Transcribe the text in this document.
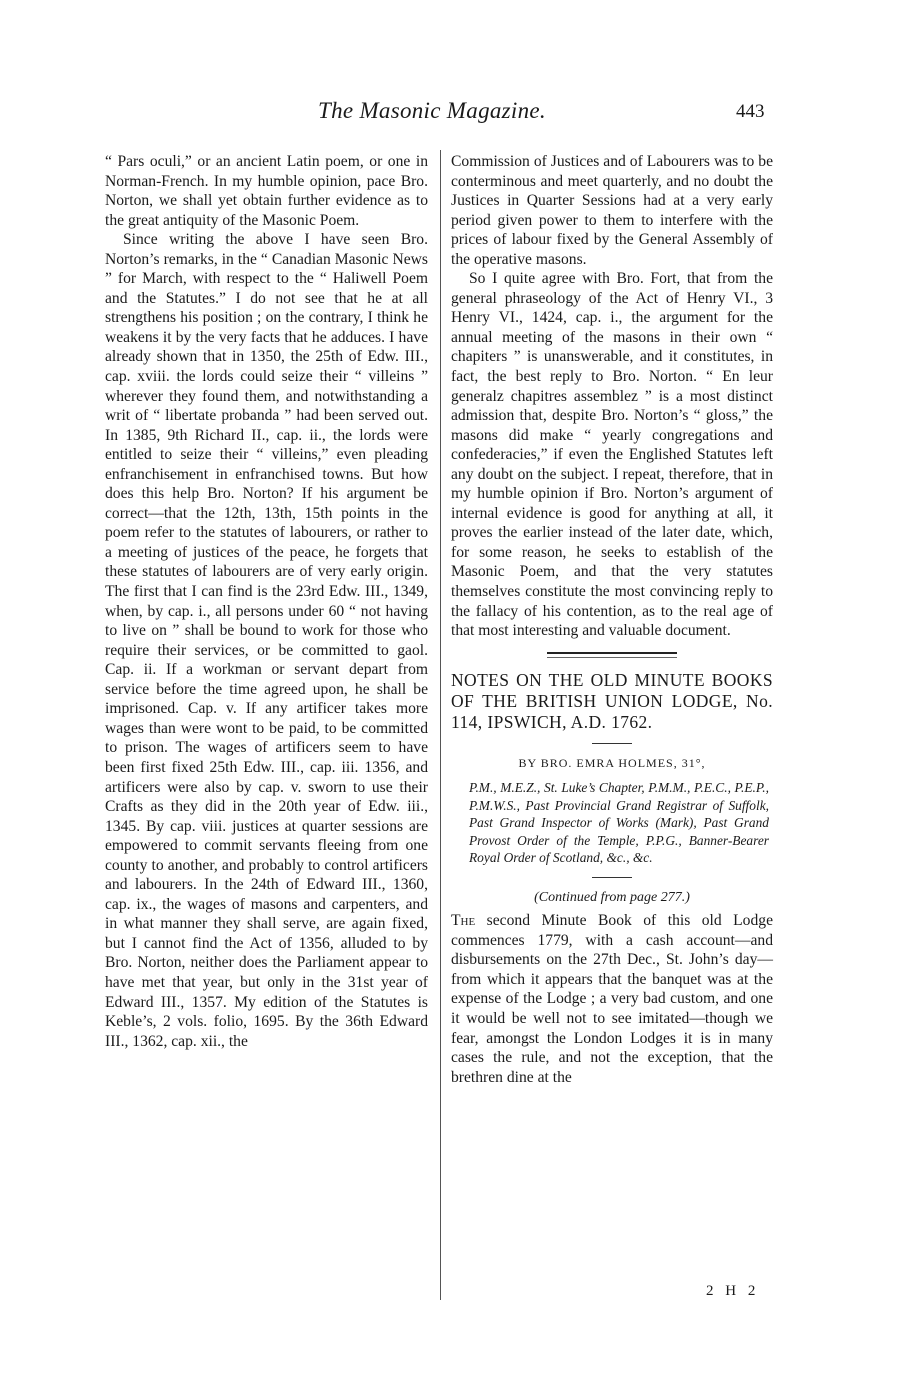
The Masonic Magazine.	443

“ Pars oculi,” or an ancient Latin poem, or one in Norman-French. In my humble opinion, pace Bro. Norton, we shall yet obtain further evidence as to the great antiquity of the Masonic Poem.

Since writing the above I have seen Bro. Norton’s remarks, in the “ Canadian Masonic News ” for March, with respect to the “ Haliwell Poem and the Statutes.” I do not see that he at all strengthens his position ; on the contrary, I think he weakens it by the very facts that he adduces. I have already shown that in 1350, the 25th of Edw. III., cap. xviii. the lords could seize their “ villeins ” wherever they found them, and notwithstanding a writ of “ libertate probanda ” had been served out. In 1385, 9th Richard II., cap. ii., the lords were entitled to seize their “ villeins,” even pleading enfranchisement in enfranchised towns. But how does this help Bro. Norton? If his argument be correct—that the 12th, 13th, 15th points in the poem refer to the statutes of labourers, or rather to a meeting of justices of the peace, he forgets that these statutes of labourers are of very early origin. The first that I can find is the 23rd Edw. III., 1349, when, by cap. i., all persons under 60 “ not having to live on ” shall be bound to work for those who require their services, or be committed to gaol. Cap. ii. If a workman or servant depart from service before the time agreed upon, he shall be imprisoned. Cap. v. If any artificer takes more wages than were wont to be paid, to be committed to prison. The wages of artificers seem to have been first fixed 25th Edw. III., cap. iii. 1356, and artificers were also by cap. v. sworn to use their Crafts as they did in the 20th year of Edw. iii., 1345. By cap. viii. justices at quarter sessions are empowered to commit servants fleeing from one county to another, and probably to control artificers and labourers. In the 24th of Edward III., 1360, cap. ix., the wages of masons and carpenters, and in what manner they shall serve, are again fixed, but I cannot find the Act of 1356, alluded to by Bro. Norton, neither does the Parliament appear to have met that year, but only in the 31st year of Edward III., 1357. My edition of the Statutes is Keble’s, 2 vols. folio, 1695. By the 36th Edward III., 1362, cap. xii., the

Commission of Justices and of Labourers was to be conterminous and meet quarterly, and no doubt the Justices in Quarter Sessions had at a very early period given power to them to interfere with the prices of labour fixed by the General Assembly of the operative masons.

So I quite agree with Bro. Fort, that from the general phraseology of the Act of Henry VI., 3 Henry VI., 1424, cap. i., the argument for the annual meeting of the masons in their own “ chapiters ” is unanswerable, and it constitutes, in fact, the best reply to Bro. Norton. “ En leur generalz chapitres assemblez ” is a most distinct admission that, despite Bro. Norton’s “ gloss,” the masons did make “ yearly congregations and confederacies,” if even the Englished Statutes left any doubt on the subject. I repeat, therefore, that in my humble opinion if Bro. Norton’s argument of internal evidence is good for anything at all, it proves the earlier instead of the later date, which, for some reason, he seeks to establish of the Masonic Poem, and that the very statutes themselves constitute the most convincing reply to the fallacy of his contention, as to the real age of that most interesting and valuable document.

NOTES ON THE OLD MINUTE BOOKS OF THE BRITISH UNION LODGE, No. 114, IPSWICH, A.D. 1762.
BY BRO. EMRA HOLMES, 31°,
P.M., M.E.Z., St. Luke’s Chapter, P.M.M., P.E.C., P.E.P., P.M.W.S., Past Provincial Grand Registrar of Suffolk, Past Grand Inspector of Works (Mark), Past Grand Provost Order of the Temple, P.P.G., Banner-Bearer Royal Order of Scotland, &c., &c.
(Continued from page 277.)

The second Minute Book of this old Lodge commences 1779, with a cash account—and disbursements on the 27th Dec., St. John’s day—from which it appears that the banquet was at the expense of the Lodge ; a very bad custom, and one it would be well not to see imitated—though we fear, amongst the London Lodges it is in many cases the rule, and not the exception, that the brethren dine at the

2 H 2
